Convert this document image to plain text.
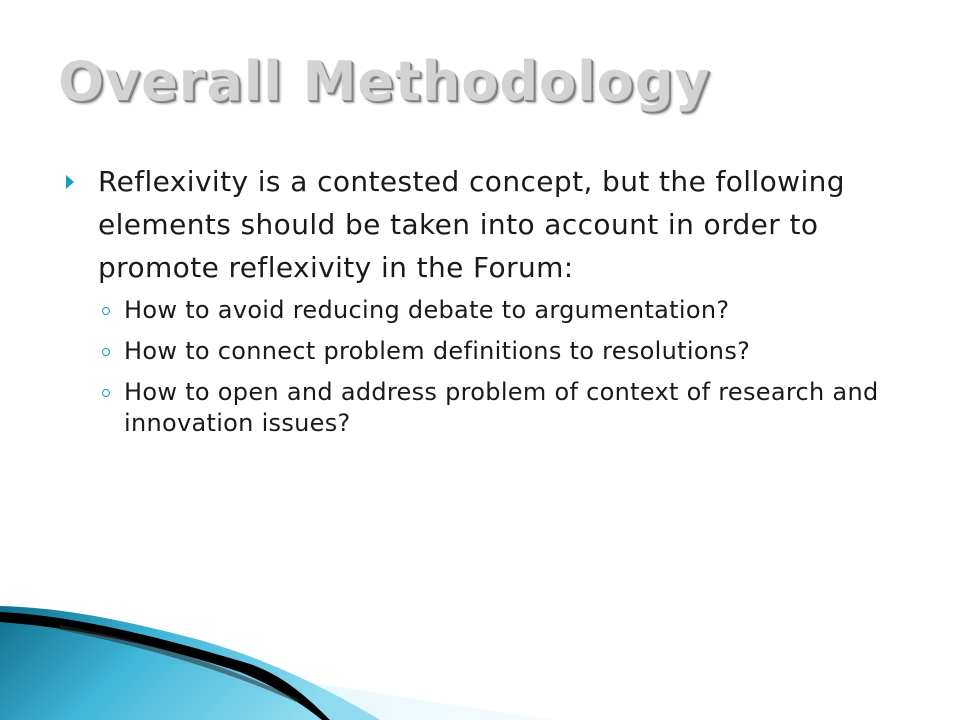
Overall Methodology
Reflexivity is a contested concept, but the following elements should be taken into account in order to promote reflexivity in the Forum:
How to avoid reducing debate to argumentation?
How to connect problem definitions to resolutions?
How to open and address problem of context of research and innovation issues?
